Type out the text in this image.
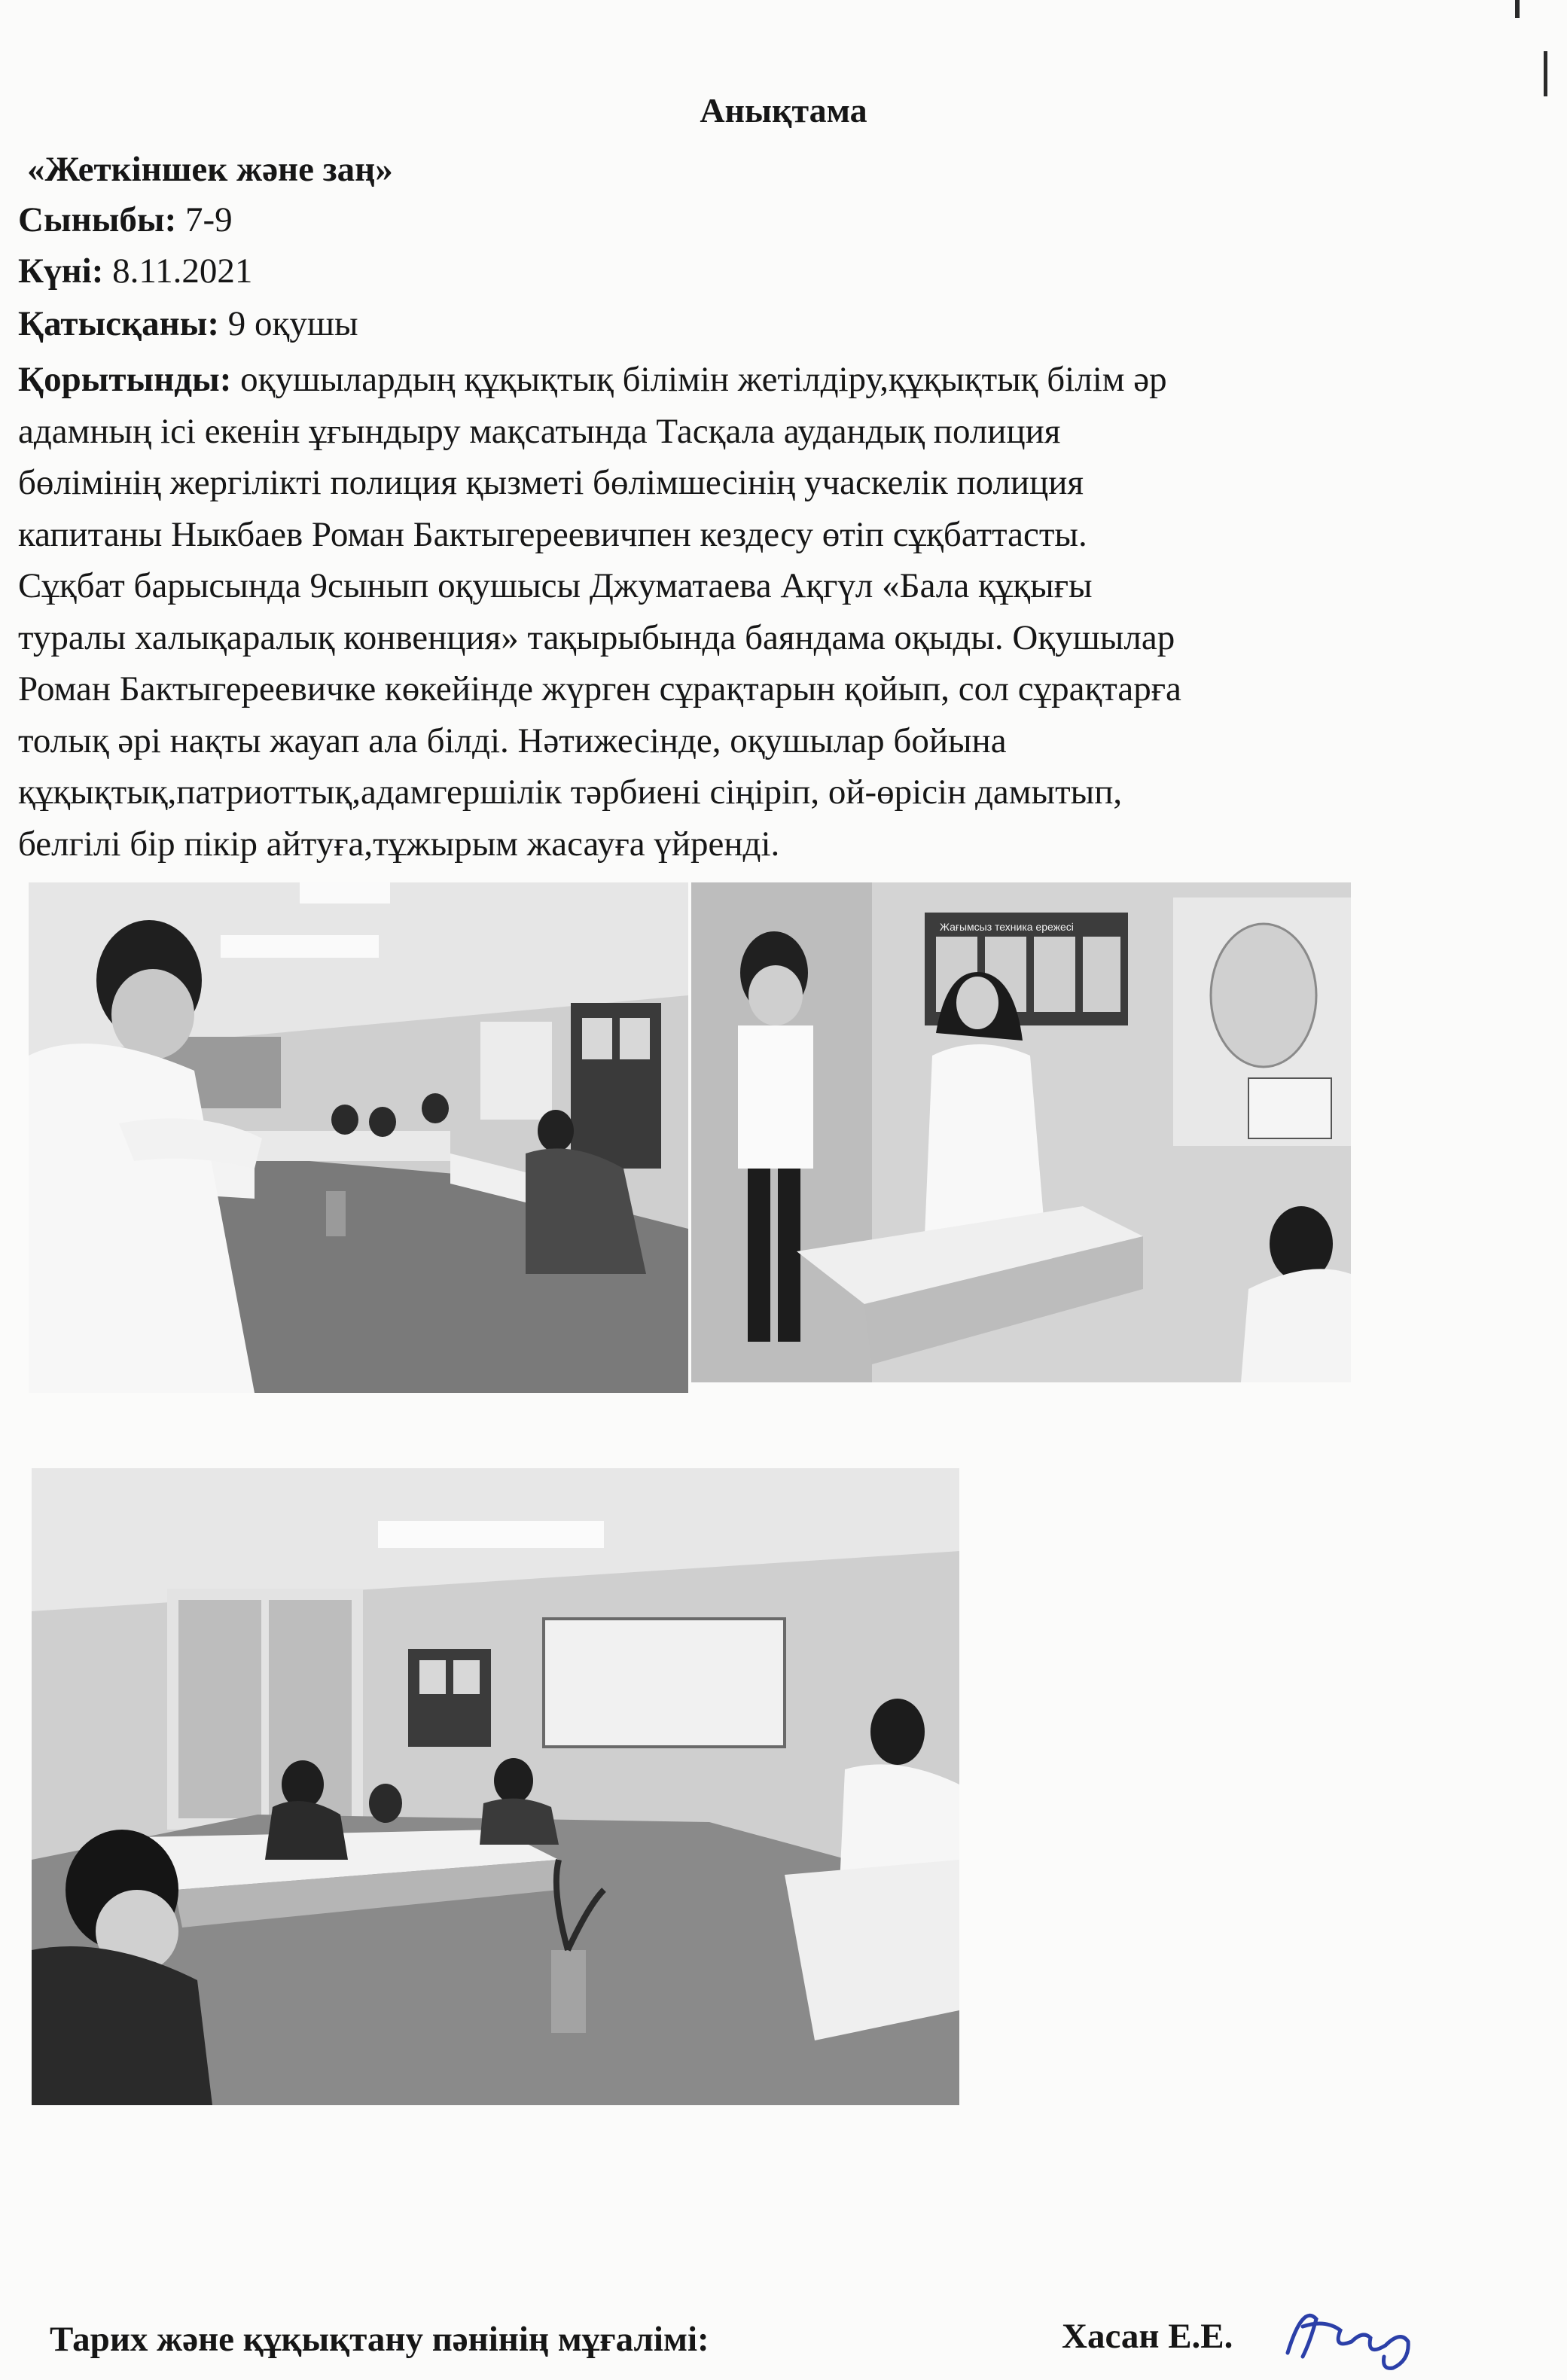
Анықтама
«Жеткіншек және заң»
Сыныбы: 7-9
Күні: 8.11.2021
Қатысқаны: 9 оқушы
Қорытынды: оқушылардың құқықтық білімін жетілдіру,құқықтық білім әр
адамның ісі екенін ұғындыру мақсатында Тасқала аудандық полиция
бөлімінің жергілікті полиция қызметі бөлімшесінің учаскелік полиция
капитаны Ныкбаев Роман Бактыгереевичпен кездесу өтіп сұқбаттасты.
Сұқбат барысында 9сынып оқушысы Джуматаева Ақгүл «Бала құқығы
туралы халықаралық конвенция» тақырыбында баяндама оқыды. Оқушылар
Роман Бактыгереевичке көкейінде жүрген сұрақтарын қойып, сол сұрақтарға
толық әрі нақты жауап ала білді. Нәтижесінде, оқушылар бойына
құқықтық,патриоттық,адамгершілік тәрбиені сіңіріп, ой-өрісін дамытып,
белгілі бір пікір айтуға,тұжырым жасауға үйренді.
Жағымсыз техника ережесі
Тарих және құқықтану пәнінің мұғалімі:	Хасан Е.Е.
